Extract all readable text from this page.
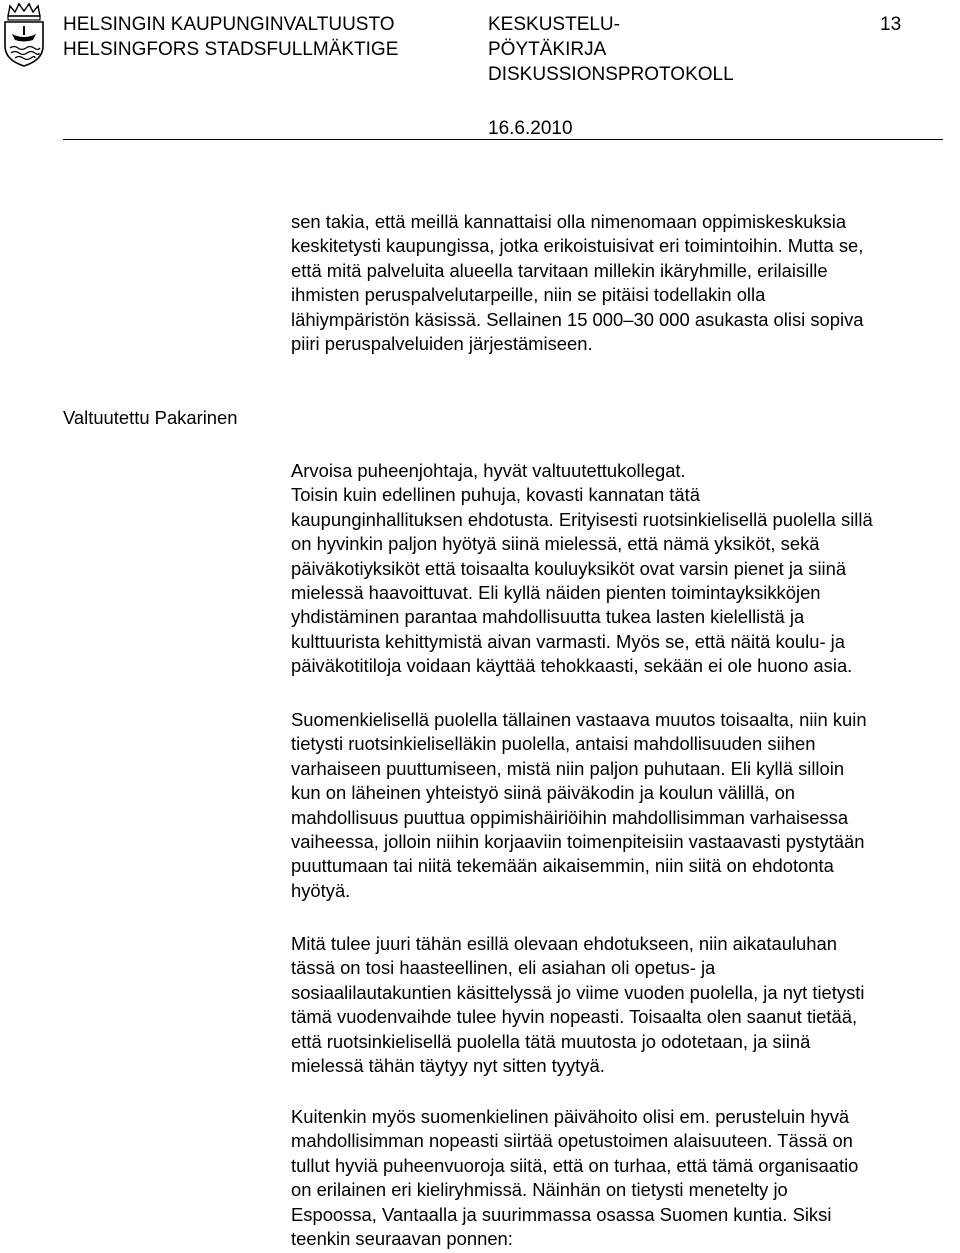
HELSINGIN KAUPUNGINVALTUUSTO
HELSINGFORS STADSFULLMÄKTIGE
KESKUSTELU-
PÖYTÄKIRJA
DISKUSSIONSPROTOKOLL
13
16.6.2010

sen takia, että meillä kannattaisi olla nimenomaan oppimiskeskuksia
keskitetysti kaupungissa, jotka erikoistuisivat eri toimintoihin. Mutta se,
että mitä palveluita alueella tarvitaan millekin ikäryhmille, erilaisille
ihmisten peruspalvelutarpeille, niin se pitäisi todellakin olla
lähiympäristön käsissä. Sellainen 15 000–30 000 asukasta olisi sopiva
piiri peruspalveluiden järjestämiseen.

Valtuutettu Pakarinen

Arvoisa puheenjohtaja, hyvät valtuutettukollegat.
Toisin kuin edellinen puhuja, kovasti kannatan tätä
kaupunginhallituksen ehdotusta. Erityisesti ruotsinkielisellä puolella sillä
on hyvinkin paljon hyötyä siinä mielessä, että nämä yksiköt, sekä
päiväkotiyksiköt että toisaalta kouluyksiköt ovat varsin pienet ja siinä
mielessä haavoittuvat. Eli kyllä näiden pienten toimintayksikköjen
yhdistäminen parantaa mahdollisuutta tukea lasten kielellistä ja
kulttuurista kehittymistä aivan varmasti. Myös se, että näitä koulu- ja
päiväkotitiloja voidaan käyttää tehokkaasti, sekään ei ole huono asia.

Suomenkielisellä puolella tällainen vastaava muutos toisaalta, niin kuin
tietysti ruotsinkieliselläkin puolella, antaisi mahdollisuuden siihen
varhaiseen puuttumiseen, mistä niin paljon puhutaan. Eli kyllä silloin
kun on läheinen yhteistyö siinä päiväkodin ja koulun välillä, on
mahdollisuus puuttua oppimishäiriöihin mahdollisimman varhaisessa
vaiheessa, jolloin niihin korjaaviin toimenpiteisiin vastaavasti pystytään
puuttumaan tai niitä tekemään aikaisemmin, niin siitä on ehdotonta
hyötyä.

Mitä tulee juuri tähän esillä olevaan ehdotukseen, niin aikatauluhan
tässä on tosi haasteellinen, eli asiahan oli opetus- ja
sosiaalilautakuntien käsittelyssä jo viime vuoden puolella, ja nyt tietysti
tämä vuodenvaihde tulee hyvin nopeasti. Toisaalta olen saanut tietää,
että ruotsinkielisellä puolella tätä muutosta jo odotetaan, ja siinä
mielessä tähän täytyy nyt sitten tyytyä.

Kuitenkin myös suomenkielinen päivähoito olisi em. perusteluin hyvä
mahdollisimman nopeasti siirtää opetustoimen alaisuuteen. Tässä on
tullut hyviä puheenvuoroja siitä, että on turhaa, että tämä organisaatio
on erilainen eri kieliryhmissä. Näinhän on tietysti menetelty jo
Espoossa, Vantaalla ja suurimmassa osassa Suomen kuntia. Siksi
teenkin seuraavan ponnen:
